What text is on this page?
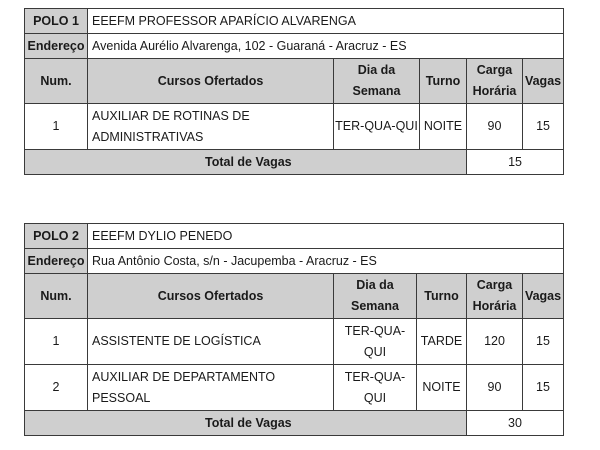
POLO 1	EEEFM PROFESSOR APARÍCIO ALVARENGA				
Endereço	Avenida Aurélio Alvarenga, 102 - Guaraná - Aracruz - ES				
Num.	Cursos Ofertados	Dia da Semana	Turno	Carga Horária	Vagas
1	AUXILIAR DE ROTINAS DE ADMINISTRATIVAS	TER-QUA-QUI	NOITE	90	15
Total de Vagas				15	
POLO 2	EEEFM DYLIO PENEDO				
Endereço	Rua Antônio Costa, s/n - Jacupemba - Aracruz - ES				
Num.	Cursos Ofertados	Dia da Semana	Turno	Carga Horária	Vagas
1	ASSISTENTE DE LOGÍSTICA	TER-QUA-QUI	TARDE	120	15
2	AUXILIAR DE DEPARTAMENTO PESSOAL	TER-QUA-QUI	NOITE	90	15
Total de Vagas				30	
